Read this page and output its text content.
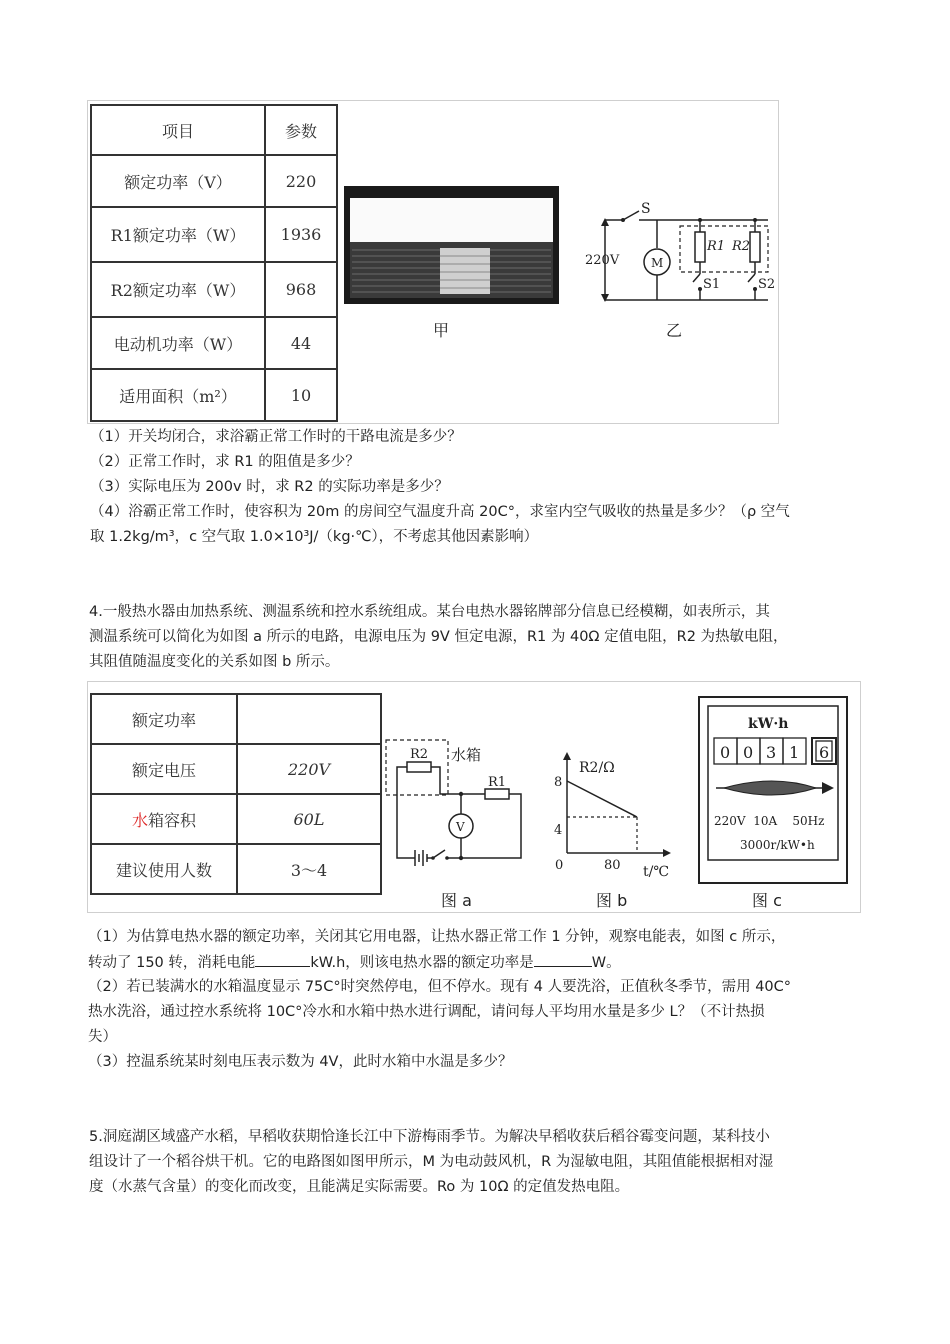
项目	参数
额定功率（V）	220
R1额定功率（W）	1936
R2额定功率（W）	968
电动机功率（W）	44
适用面积（m²）	10
甲
S
220V	M
R1 R2
S1	S2
乙
（1）开关均闭合，求浴霸正常工作时的干路电流是多少？
（2）正常工作时，求 R1 的阻值是多少？
（3）实际电压为 200v 时，求 R2 的实际功率是多少？
（4）浴霸正常工作时，使容积为 20m 的房间空气温度升高 20C°，求室内空气吸收的热量是多少？（ρ 空气
取 1.2kg/m³，c 空气取 1.0×10³J/（kg·℃），不考虑其他因素影响）
4.一般热水器由加热系统、测温系统和控水系统组成。某台电热水器铭牌部分信息已经模糊，如表所示，其
测温系统可以简化为如图 a 所示的电路，电源电压为 9V 恒定电源，R1 为 40Ω 定值电阻，R2 为热敏电阻，
其阻值随温度变化的关系如图 b 所示。
额定功率	
额定电压	220V
水箱容积	60L
建议使用人数	3～4
R2 水箱
R1
V
图 a
R2/Ω
8
4
0	80 t/℃
图 b
kW·h
0 0 3 1 6
220V  10A    50Hz
3000r/kW•h
图 c
（1）为估算电热水器的额定功率，关闭其它用电器，让热水器正常工作 1 分钟，观察电能表，如图 c 所示，
转动了 150 转，消耗电能	kW.h，则该电热水器的额定功率是	W。
（2）若已装满水的水箱温度显示 75C°时突然停电，但不停水。现有 4 人要洗浴，正值秋冬季节，需用 40C°
热水洗浴，通过控水系统将 10C°冷水和水箱中热水进行调配，请问每人平均用水量是多少 L？（不计热损
失）
（3）控温系统某时刻电压表示数为 4V，此时水箱中水温是多少？
5.洞庭湖区域盛产水稻，早稻收获期恰逢长江中下游梅雨季节。为解决早稻收获后稻谷霉变问题，某科技小
组设计了一个稻谷烘干机。它的电路图如图甲所示，M 为电动鼓风机，R 为湿敏电阻，其阻值能根据相对湿
度（水蒸气含量）的变化而改变，且能满足实际需要。Ro 为 10Ω 的定值发热电阻。
